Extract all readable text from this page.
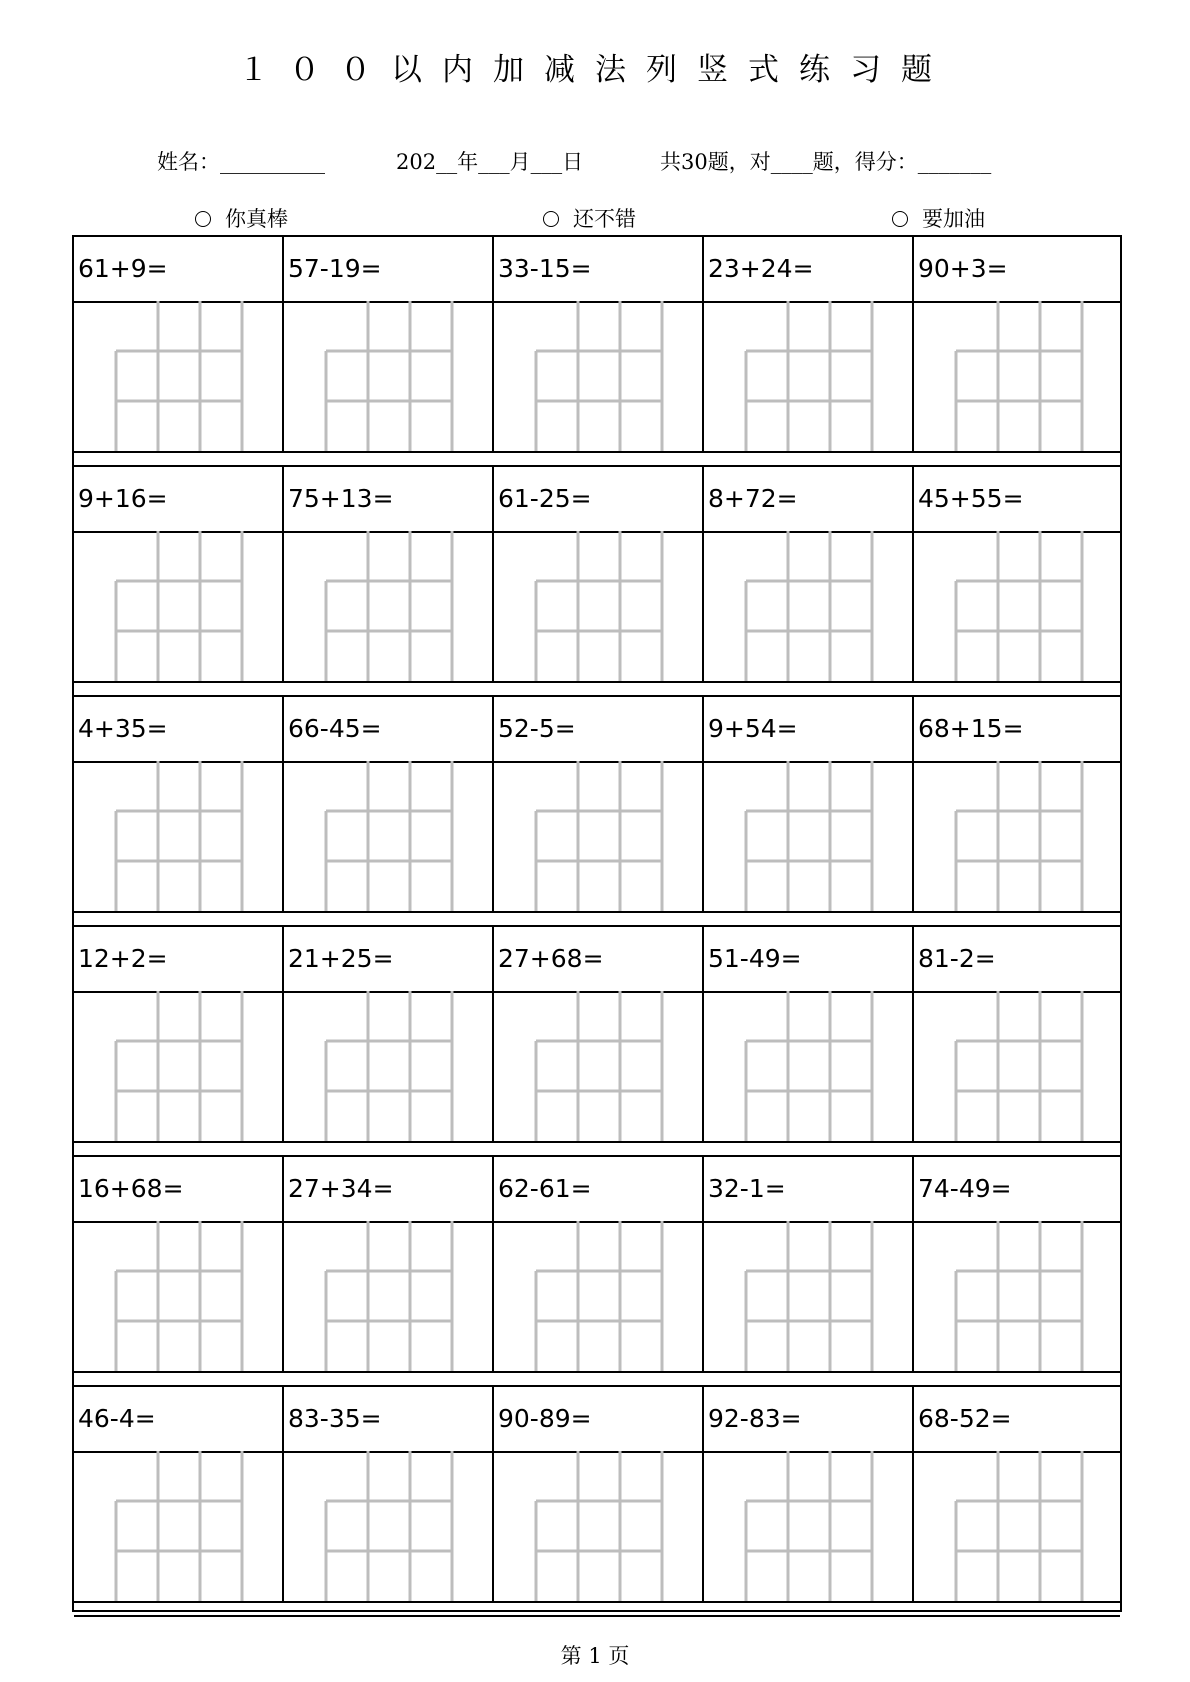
１００以内加减法列竖式练习题
姓名：__________	202__年___月___日	共30题，对____题，得分：_______
你真棒	还不错	要加油
61+9=	57-19=	33-15=	23+24=	90+3=
9+16=	75+13=	61-25=	8+72=	45+55=
4+35=	66-45=	52-5=	9+54=	68+15=
12+2=	21+25=	27+68=	51-49=	81-2=
16+68=	27+34=	62-61=	32-1=	74-49=
46-4=	83-35=	90-89=	92-83=	68-52=
第 1 页
